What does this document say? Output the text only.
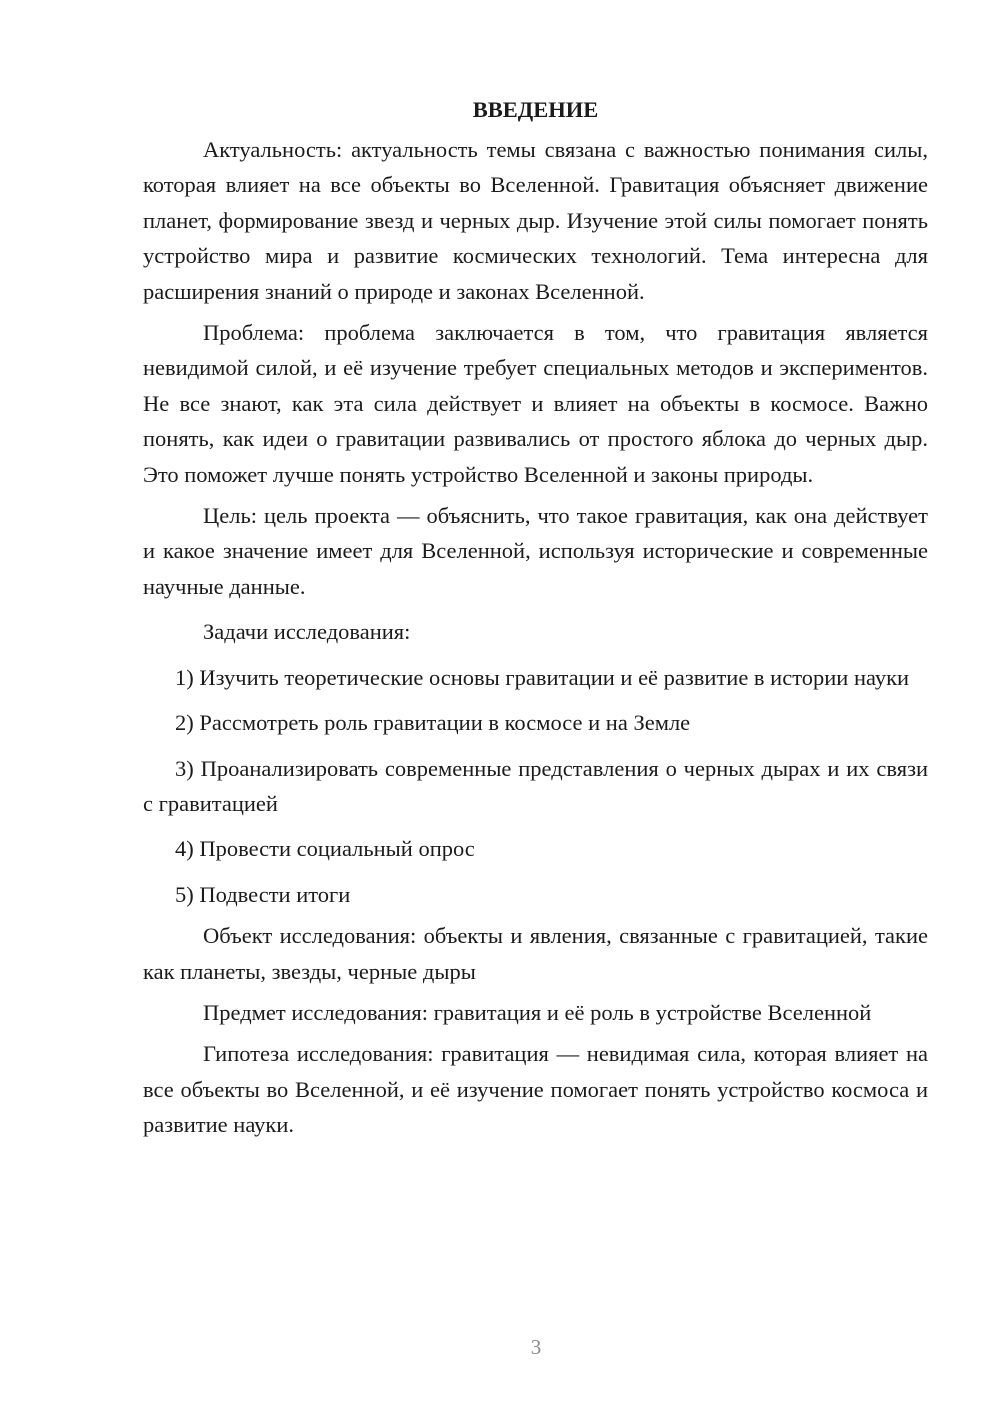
ВВЕДЕНИЕ

Актуальность: актуальность темы связана с важностью понимания силы, которая влияет на все объекты во Вселенной. Гравитация объясняет движение планет, формирование звезд и черных дыр. Изучение этой силы помогает понять устройство мира и развитие космических технологий. Тема интересна для расширения знаний о природе и законах Вселенной.

Проблема: проблема заключается в том, что гравитация является невидимой силой, и её изучение требует специальных методов и экспериментов. Не все знают, как эта сила действует и влияет на объекты в космосе. Важно понять, как идеи о гравитации развивались от простого яблока до черных дыр. Это поможет лучше понять устройство Вселенной и законы природы.

Цель: цель проекта — объяснить, что такое гравитация, как она действует и какое значение имеет для Вселенной, используя исторические и современные научные данные.

Задачи исследования:

1) Изучить теоретические основы гравитации и её развитие в истории науки

2) Рассмотреть роль гравитации в космосе и на Земле

3) Проанализировать современные представления о черных дырах и их связи с гравитацией

4) Провести социальный опрос

5) Подвести итоги

Объект исследования: объекты и явления, связанные с гравитацией, такие как планеты, звезды, черные дыры

Предмет исследования: гравитация и её роль в устройстве Вселенной

Гипотеза исследования: гравитация — невидимая сила, которая влияет на все объекты во Вселенной, и её изучение помогает понять устройство космоса и развитие науки.

3
